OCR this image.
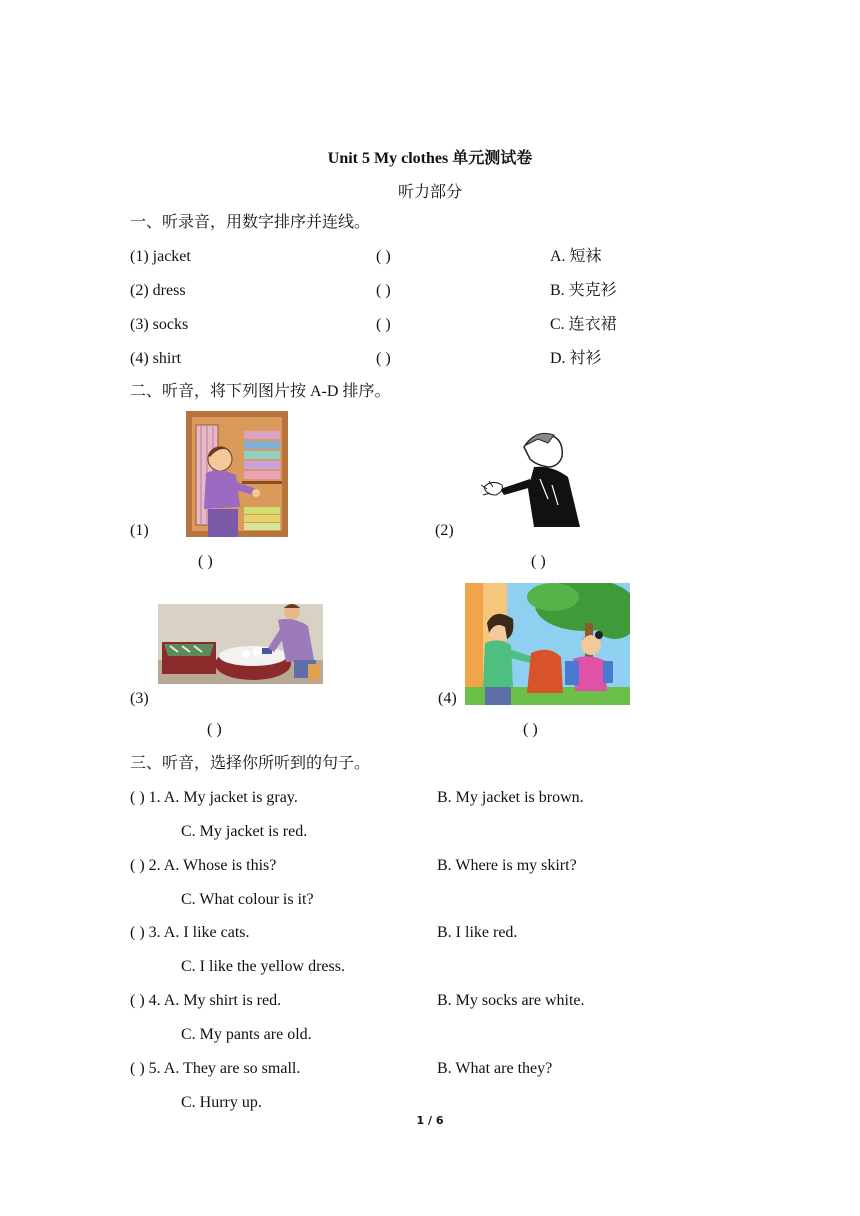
Unit 5 My clothes 单元测试卷
听力部分
一、听录音，用数字排序并连线。
(1) jacket	( )	A. 短袜
(2) dress	( )	B. 夹克衫
(3) socks	( )	C. 连衣裙
(4) shirt	( )	D. 衬衫
二、听音，将下列图片按 A-D 排序。
(1)
( )
(2)
( )
(3)
( )
(4)
( )
三、听音，选择你所听到的句子。
( ) 1. A. My jacket is gray.	B. My jacket is brown.
C. My jacket is red.
( ) 2. A. Whose is this?	B. Where is my skirt?
C. What colour is it?
( ) 3. A. I like cats.	B. I like red.
C. I like the yellow dress.
( ) 4. A. My shirt is red.	B. My socks are white.
C. My pants are old.
( ) 5. A. They are so small.	B. What are they?
C. Hurry up.
1 / 6
